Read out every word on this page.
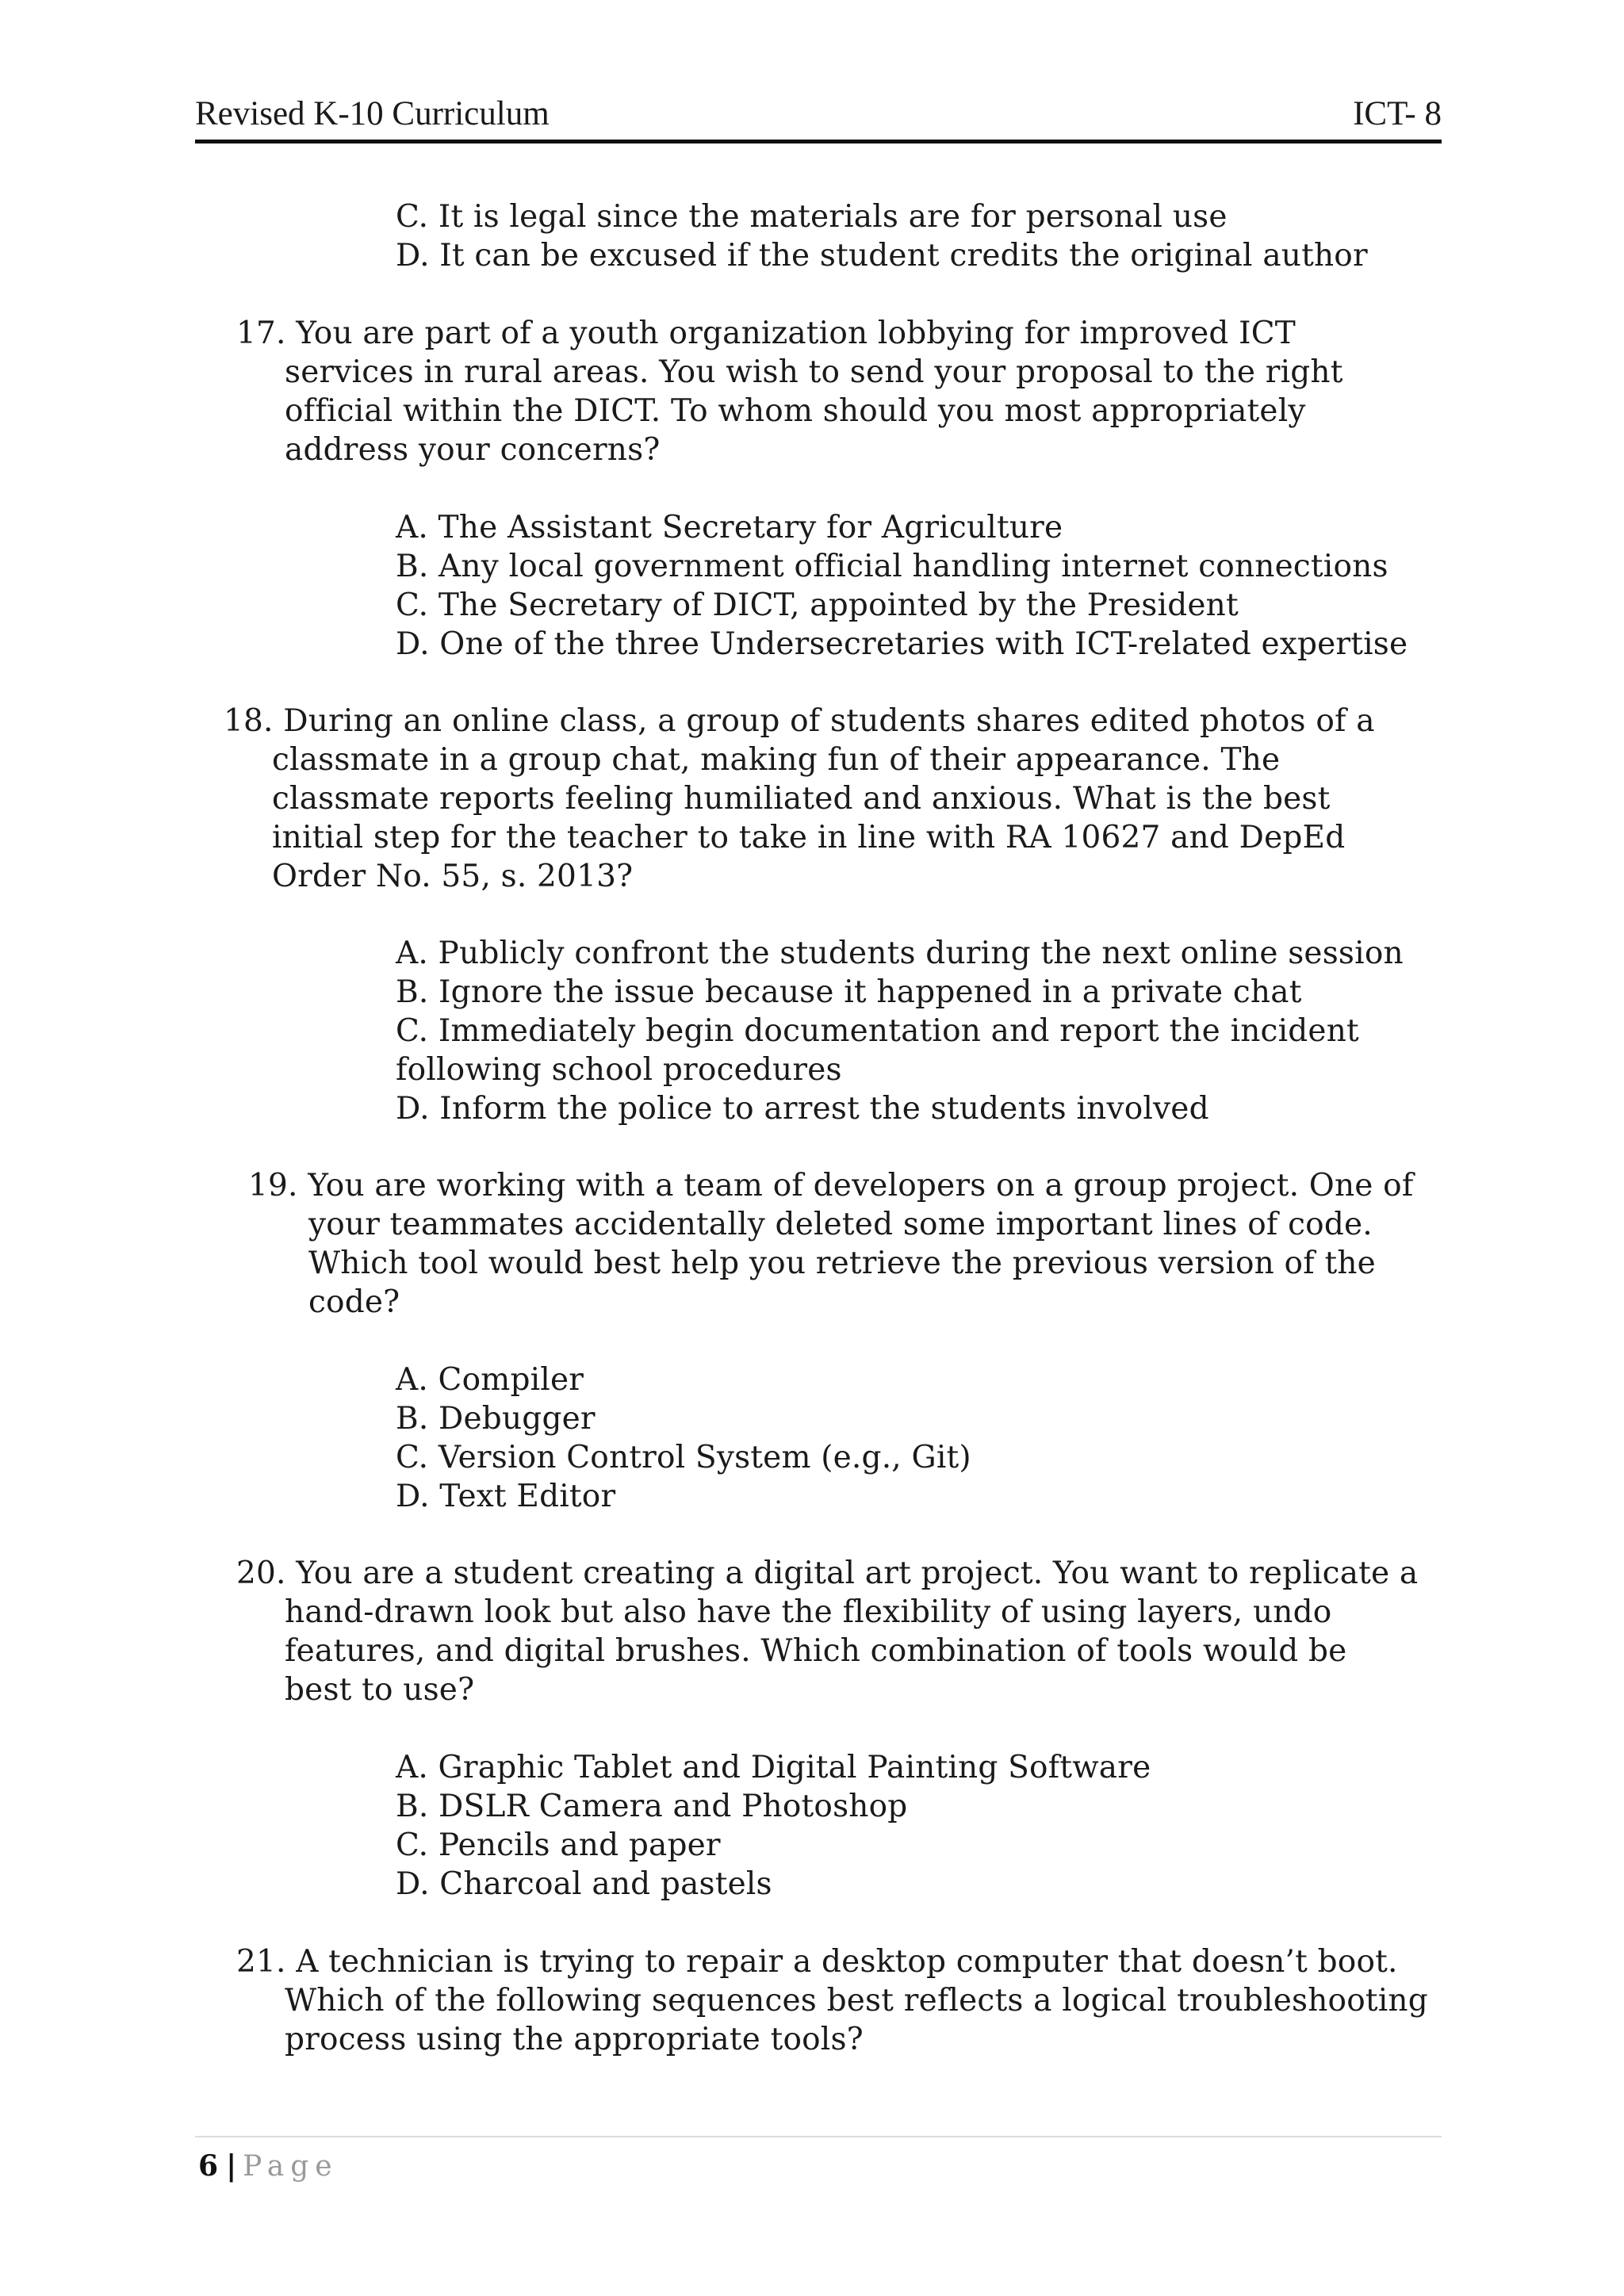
Revised K-10 Curriculum	ICT- 8
C. It is legal since the materials are for personal use
D. It can be excused if the student credits the original author
17. You are part of a youth organization lobbying for improved ICT
services in rural areas. You wish to send your proposal to the right
official within the DICT. To whom should you most appropriately
address your concerns?
A. The Assistant Secretary for Agriculture
B. Any local government official handling internet connections
C. The Secretary of DICT, appointed by the President
D. One of the three Undersecretaries with ICT-related expertise
18. During an online class, a group of students shares edited photos of a
classmate in a group chat, making fun of their appearance. The
classmate reports feeling humiliated and anxious. What is the best
initial step for the teacher to take in line with RA 10627 and DepEd
Order No. 55, s. 2013?
A. Publicly confront the students during the next online session
B. Ignore the issue because it happened in a private chat
C. Immediately begin documentation and report the incident
following school procedures
D. Inform the police to arrest the students involved
19. You are working with a team of developers on a group project. One of
your teammates accidentally deleted some important lines of code.
Which tool would best help you retrieve the previous version of the
code?
A. Compiler
B. Debugger
C. Version Control System (e.g., Git)
D. Text Editor
20. You are a student creating a digital art project. You want to replicate a
hand-drawn look but also have the flexibility of using layers, undo
features, and digital brushes. Which combination of tools would be
best to use?
A. Graphic Tablet and Digital Painting Software
B. DSLR Camera and Photoshop
C. Pencils and paper
D. Charcoal and pastels
21. A technician is trying to repair a desktop computer that doesn’t boot.
Which of the following sequences best reflects a logical troubleshooting
process using the appropriate tools?
6 | Page
